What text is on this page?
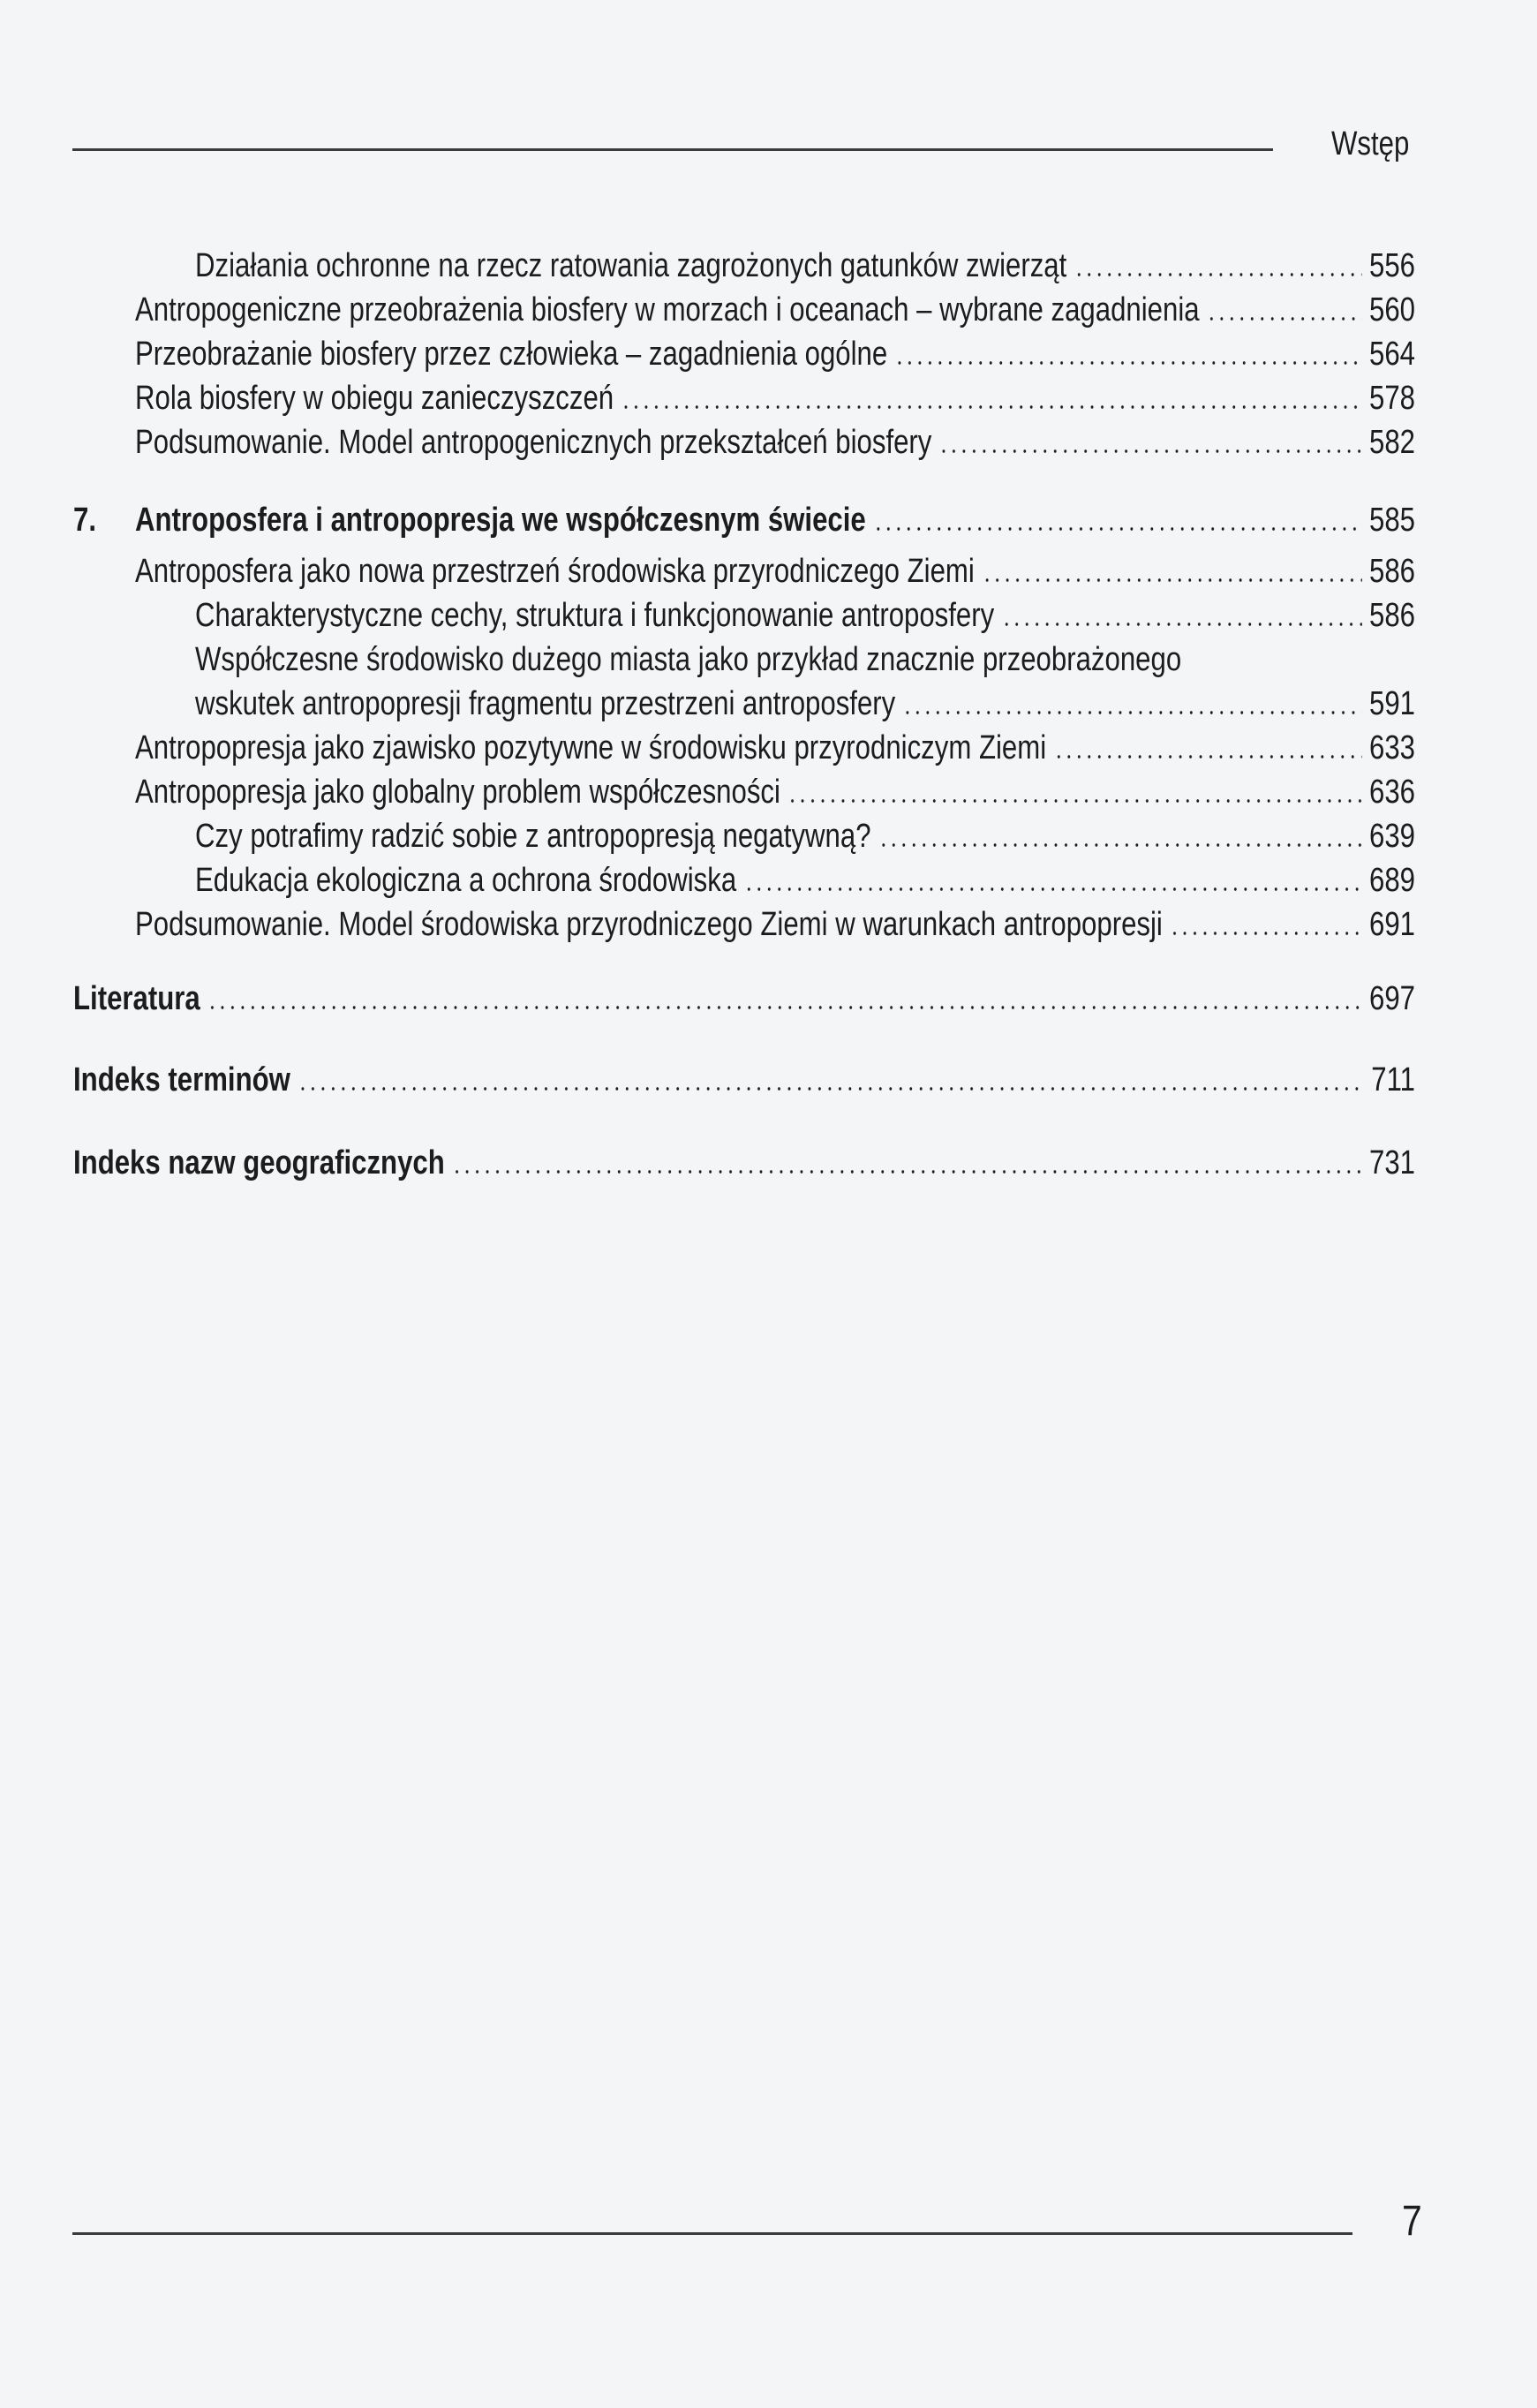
Wstęp
Działania ochronne na rzecz ratowania zagrożonych gatunków zwierząt	556
Antropogeniczne przeobrażenia biosfery w morzach i oceanach – wybrane zagadnienia	560
Przeobrażanie biosfery przez człowieka – zagadnienia ogólne	564
Rola biosfery w obiegu zanieczyszczeń	578
Podsumowanie. Model antropogenicznych przekształceń biosfery	582
7.	Antroposfera i antropopresja we współczesnym świecie	585
Antroposfera jako nowa przestrzeń środowiska przyrodniczego Ziemi	586
Charakterystyczne cechy, struktura i funkcjonowanie antroposfery	586
Współczesne środowisko dużego miasta jako przykład znacznie przeobrażonego
wskutek antropopresji fragmentu przestrzeni antroposfery	591
Antropopresja jako zjawisko pozytywne w środowisku przyrodniczym Ziemi	633
Antropopresja jako globalny problem współczesności	636
Czy potrafimy radzić sobie z antropopresją negatywną?	639
Edukacja ekologiczna a ochrona środowiska	689
Podsumowanie. Model środowiska przyrodniczego Ziemi w warunkach antropopresji	691
Literatura	697
Indeks terminów	711
Indeks nazw geograficznych	731
7
